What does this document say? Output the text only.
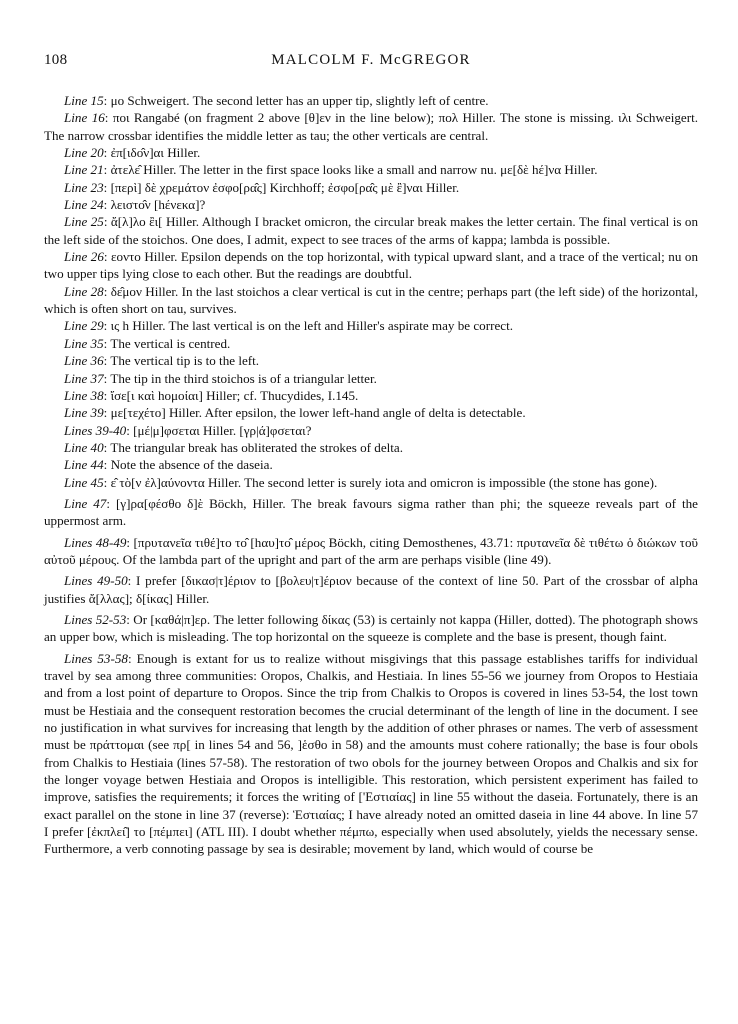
108	MALCOLM F. McGREGOR

Line 15: μο Schweigert. The second letter has an upper tip, slightly left of centre.

Line 16: ποι Rangabé (on fragment 2 above [θ]εν in the line below); πολ Hiller. The stone is missing. ιλι Schweigert. The narrow crossbar identifies the middle letter as tau; the other verticals are central.

Line 20: ἐπ[ιδο̂ν]αι Hiller.

Line 21: ἀτελε̂ Hiller. The letter in the first space looks like a small and narrow nu. με[δὲ hέ]να Hiller.

Line 23: [περὶ] δὲ χρεμάτον ἐσφο[ρα̂ς] Kirchhoff; ἐσφο[ρα̂ς μὲ ἒ]ναι Hiller.

Line 24: λειστο̂ν [hένεκα]?

Line 25: ἄ[λ]λο ἒι[ Hiller. Although I bracket omicron, the circular break makes the letter certain. The final vertical is on the left side of the stoichos. One does, I admit, expect to see traces of the arms of kappa; lambda is possible.

Line 26: εοντο Hiller. Epsilon depends on the top horizontal, with typical upward slant, and a trace of the vertical; nu on two upper tips lying close to each other. But the readings are doubtful.

Line 28: δε̂μον Hiller. In the last stoichos a clear vertical is cut in the centre; perhaps part (the left side) of the horizontal, which is often short on tau, survives.

Line 29: ις h Hiller. The last vertical is on the left and Hiller's aspirate may be correct.

Line 35: The vertical is centred.

Line 36: The vertical tip is to the left.

Line 37: The tip in the third stoichos is of a triangular letter.

Line 38: ἴσε[ι καὶ hομοίαι] Hiller; cf. Thucydides, I.145.

Line 39: με[τεχέτο] Hiller. After epsilon, the lower left-hand angle of delta is detectable.

Lines 39-40: [μέ|μ]φσεται Hiller. [γρ|ά]φσεται?

Line 40: The triangular break has obliterated the strokes of delta.

Line 44: Note the absence of the daseia.

Line 45: ε̂ τὸ[ν ἐλ]αύνοντα Hiller. The second letter is surely iota and omicron is impossible (the stone has gone).

Line 47: [γ]ρα[φέσθο δ]ὲ Böckh, Hiller. The break favours sigma rather than phi; the squeeze reveals part of the uppermost arm.

Lines 48-49: [πρυτανεῖα τιθέ]το το̂ [hαυ]το̂ μέρος Böckh, citing Demosthenes, 43.71: πρυτανεῖα δὲ τιθέτω ὁ διώκων τοῦ αὐτοῦ μέρους. Of the lambda part of the upright and part of the arm are perhaps visible (line 49).

Lines 49-50: I prefer [δικασ|τ]έριον to [βολευ|τ]έριον because of the context of line 50. Part of the crossbar of alpha justifies ἄ[λλας]; δ[ίκας] Hiller.

Lines 52-53: Or [καθά|π]ερ. The letter following δίκας (53) is certainly not kappa (Hiller, dotted). The photograph shows an upper bow, which is misleading. The top horizontal on the squeeze is complete and the base is present, though faint.

Lines 53-58: Enough is extant for us to realize without misgivings that this passage establishes tariffs for individual travel by sea among three communities: Oropos, Chalkis, and Hestiaia. In lines 55-56 we journey from Oropos to Hestiaia and from a lost point of departure to Oropos. Since the trip from Chalkis to Oropos is covered in lines 53-54, the lost town must be Hestiaia and the consequent restoration becomes the crucial determinant of the length of line in the document. I see no justification in what survives for increasing that length by the addition of other phrases or names. The verb of assessment must be πράττομαι (see πρ[ in lines 54 and 56, ]ἑσθο in 58) and the amounts must cohere rationally; the base is four obols from Chalkis to Hestiaia (lines 57-58). The restoration of two obols for the journey between Oropos and Chalkis and six for the longer voyage betwen Hestiaia and Oropos is intelligible. This restoration, which persistent experiment has failed to improve, satisfies the requirements; it forces the writing of ['Εστιαίας] in line 55 without the daseia. Fortunately, there is an exact parallel on the stone in line 37 (reverse): Ἑστιαίας; I have already noted an omitted daseia in line 44 above. In line 57 I prefer [ἐκπλει̂] το [πέμπει] (ATL III). I doubt whether πέμπω, especially when used absolutely, yields the necessary sense. Furthermore, a verb connoting passage by sea is desirable; movement by land, which would of course be
